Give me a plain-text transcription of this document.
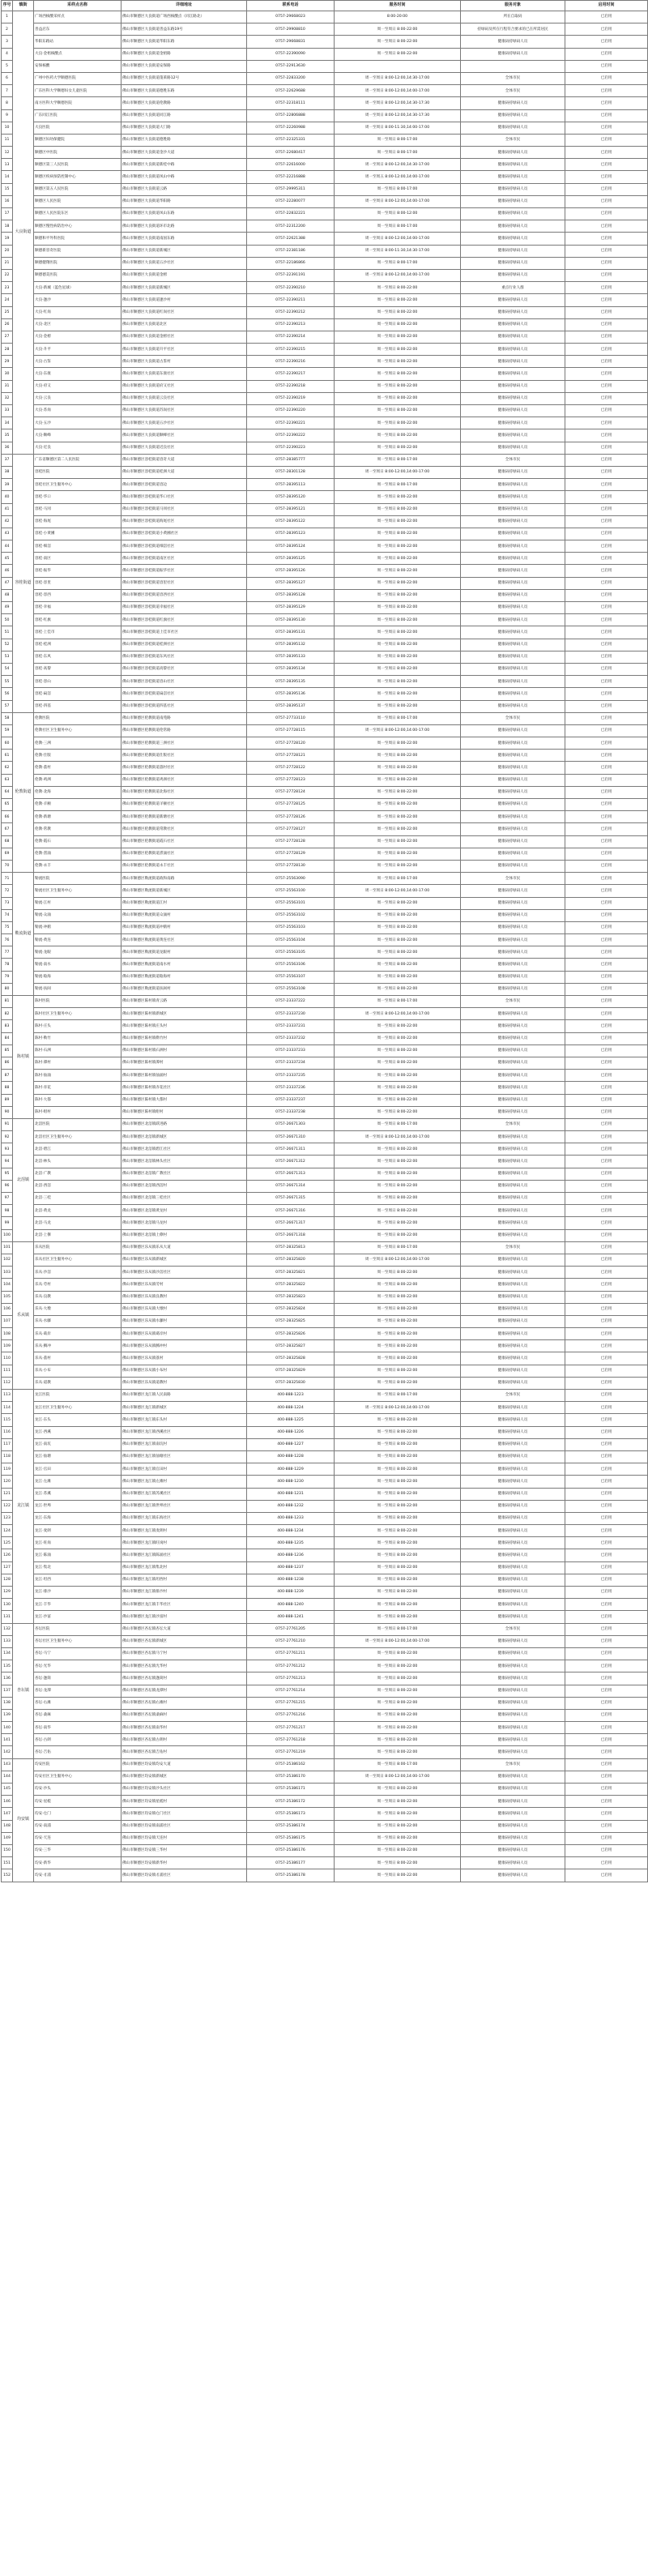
序号	镇街	采样点名称	详细地址	联系电话	服务时间	服务对象	启用时间
1	大良街道	广场西核酸采样点	佛山市顺德区大良街道广场西核酸点（同江路北）	0757-29668023	8:00-20:00	所在自取码	已启用
2		善益店东	佛山市顺德区大良街道善益东路19号	0757-29908810	周一至周日 8:00-22:00	持绿码及所在行程符合要求的已在所需居民	已启用
3		华阳东路站	佛山市顺德区大良街道华阳东路	0757-29668831	周一至周日 8:00-22:00	健康码持绿码人员	已启用
4		大良·金梧核酸点	佛山市顺德区大良街道金梧路	0757-22390090	周一至周日 8:00-22:00	健康码持绿码人员	已启用
5		安保核酸	佛山市顺德区大良街道安保路	0757-22913630			已启用
6		广州中医药大学顺德医院	佛山市顺德区大良街道蓬莱路12号	0757-22833200	周一至周日 8:00-12:00,14:30-17:00	全体市民	已启用
7		广东医科大学顺德妇女儿童医院	佛山市顺德区大良街道德胜东路	0757-22629688	周一至周日 8:00-12:00,14:00-17:00	全体市民	已启用
8		南方医科大学顺德医院	佛山市顺德区大良街道伦教路	0757-22318111	周一至周日 8:00-12:00,14:30-17:30	健康码持绿码人员	已启用
9		广东同江医院	佛山市顺德区大良街道同江路	0757-22806888	周一至周日 8:00-12:00,14:30-17:30	健康码持绿码人员	已启用
10		大良医院	佛山市顺德区大良街道大门路	0757-22260988	周一至周日 8:00-11:30,14:00-17:00	健康码持绿码人员	已启用
11		顺德区妇幼保健院	佛山市顺德区大良街道德胜路	0757-22325331	周一至周日 8:00-17:00	全体市民	已启用
12		顺德区中医院	佛山市顺德区大良街道金沙大道	0757-22680417	周一至周日 8:00-17:00	健康码持绿码人员	已启用
13		顺德区第三人民医院	佛山市顺德区大良街道新桂中路	0757-22616000	周一至周日 8:00-12:00,14:30-17:00	健康码持绿码人员	已启用
14		顺德区疾病预防控制中心	佛山市顺德区大良街道凤山中路	0757-22216888	周一至周五 8:00-12:00,14:00-17:00	健康码持绿码人员	已启用
15		顺德区第五人民医院	佛山市顺德区大良街道云路	0757-29995311	周一至周日 8:00-17:00	健康码持绿码人员	已启用
16		顺德区人民医院	佛山市顺德区大良街道华阳路	0757-22280077	周一至周日 8:00-12:00,14:00-17:00	健康码持绿码人员	已启用
17		顺德区人民医院东区	佛山市顺德区大良街道凤山东路	0757-22832221	周一至周日 8:00-12:00	健康码持绿码人员	已启用
18		顺德区慢性病防治中心	佛山市顺德区大良街道环市北路	0757-22312200	周一至周日 8:00-17:00	健康码持绿码人员	已启用
19		顺德和平外科医院	佛山市顺德区大良街道南国东路	0757-22621388	周一至周日 8:00-12:00,14:00-17:00	健康码持绿码人员	已启用
20		顺德新容奇医院	佛山市顺德区大良街道新城区	0757-22381186	周一至周日 8:00-11:30,14:30-17:00	健康码持绿码人员	已启用
21		顺德健翔医院	佛山市顺德区大良街道五沙社区	0757-22186866	周一至周日 8:00-17:00	健康码持绿码人员	已启用
22		顺德德美医院	佛山市顺德区大良街道金榜	0757-22391191	周一至周日 8:00-12:00,14:00-17:00	健康码持绿码人员	已启用
23		大良·新城（蓝色星球）	佛山市顺德区大良街道新城区	0757-22390210	周一至周日 8:00-22:00	重点行业人群	已启用
24		大良·逢沙	佛山市顺德区大良街道逢沙村	0757-22390211	周一至周日 8:00-22:00	健康码持绿码人员	已启用
25		大良·红岗	佛山市顺德区大良街道红岗社区	0757-22390212	周一至周日 8:00-22:00	健康码持绿码人员	已启用
26		大良·北区	佛山市顺德区大良街道北区	0757-22390213	周一至周日 8:00-22:00	健康码持绿码人员	已启用
27		大良·金榜	佛山市顺德区大良街道金榜社区	0757-22390214	周一至周日 8:00-22:00	健康码持绿码人员	已启用
28		大良·升平	佛山市顺德区大良街道升平社区	0757-22390215	周一至周日 8:00-22:00	健康码持绿码人员	已启用
29		大良·古鉴	佛山市顺德区大良街道古鉴村	0757-22390216	周一至周日 8:00-22:00	健康码持绿码人员	已启用
30		大良·东康	佛山市顺德区大良街道东康社区	0757-22390217	周一至周日 8:00-22:00	健康码持绿码人员	已启用
31		大良·府又	佛山市顺德区大良街道府又社区	0757-22390218	周一至周日 8:00-22:00	健康码持绿码人员	已启用
32		大良·云良	佛山市顺德区大良街道云良社区	0757-22390219	周一至周日 8:00-22:00	健康码持绿码人员	已启用
33		大良·苏岗	佛山市顺德区大良街道苏岗社区	0757-22390220	周一至周日 8:00-22:00	健康码持绿码人员	已启用
34		大良·五沙	佛山市顺德区大良街道五沙社区	0757-22390221	周一至周日 8:00-22:00	健康码持绿码人员	已启用
35		大良·顺峰	佛山市顺德区大良街道顺峰社区	0757-22390222	周一至周日 8:00-22:00	健康码持绿码人员	已启用
36		大良·近良	佛山市顺德区大良街道近良社区	0757-22390223	周一至周日 8:00-22:00	健康码持绿码人员	已启用
37	容桂街道	广东省顺德区第二人民医院	佛山市顺德区容桂街道容奇大道	0757-28385777	周一至周日 8:00-17:00	全体市民	已启用
38		容桂医院	佛山市顺德区容桂街道桂洲大道	0757-28301128	周一至周日 8:00-12:00,14:00-17:00	健康码持绿码人员	已启用
39		容桂社区卫生服务中心	佛山市顺德区容桂街道容边	0757-28395113	周一至周日 8:00-17:00	健康码持绿码人员	已启用
40		容桂·华口	佛山市顺德区容桂街道华口社区	0757-28395120	周一至周日 8:00-22:00	健康码持绿码人员	已启用
41		容桂·马冈	佛山市顺德区容桂街道马冈社区	0757-28395121	周一至周日 8:00-22:00	健康码持绿码人员	已启用
42		容桂·海尾	佛山市顺德区容桂街道海尾社区	0757-28395122	周一至周日 8:00-22:00	健康码持绿码人员	已启用
43		容桂·小黄圃	佛山市顺德区容桂街道小黄圃社区	0757-28395123	周一至周日 8:00-22:00	健康码持绿码人员	已启用
44		容桂·细滘	佛山市顺德区容桂街道细滘社区	0757-28395124	周一至周日 8:00-22:00	健康码持绿码人员	已启用
45		容桂·南区	佛山市顺德区容桂街道南区社区	0757-28395125	周一至周日 8:00-22:00	健康码持绿码人员	已启用
46		容桂·振华	佛山市顺德区容桂街道振华社区	0757-28395126	周一至周日 8:00-22:00	健康码持绿码人员	已启用
47		容桂·容里	佛山市顺德区容桂街道容里社区	0757-28395127	周一至周日 8:00-22:00	健康码持绿码人员	已启用
48		容桂·容西	佛山市顺德区容桂街道容西社区	0757-28395128	周一至周日 8:00-22:00	健康码持绿码人员	已启用
49		容桂·幸福	佛山市顺德区容桂街道幸福社区	0757-28395129	周一至周日 8:00-22:00	健康码持绿码人员	已启用
50		容桂·红旗	佛山市顺德区容桂街道红旗社区	0757-28395130	周一至周日 8:00-22:00	健康码持绿码人员	已启用
51		容桂·上佳市	佛山市顺德区容桂街道上佳市社区	0757-28395131	周一至周日 8:00-22:00	健康码持绿码人员	已启用
52		容桂·桂洲	佛山市顺德区容桂街道桂洲社区	0757-28395132	周一至周日 8:00-22:00	健康码持绿码人员	已启用
53		容桂·东风	佛山市顺德区容桂街道东风社区	0757-28395133	周一至周日 8:00-22:00	健康码持绿码人员	已启用
54		容桂·高黎	佛山市顺德区容桂街道高黎社区	0757-28395134	周一至周日 8:00-22:00	健康码持绿码人员	已启用
55		容桂·容山	佛山市顺德区容桂街道容山社区	0757-28395135	周一至周日 8:00-22:00	健康码持绿码人员	已启用
56		容桂·扁滘	佛山市顺德区容桂街道扁滘社区	0757-28395136	周一至周日 8:00-22:00	健康码持绿码人员	已启用
57		容桂·四基	佛山市顺德区容桂街道四基社区	0757-28395137	周一至周日 8:00-22:00	健康码持绿码人员	已启用
58	伦教街道	伦教医院	佛山市顺德区伦教街道南苑路	0757-27733110	周一至周日 8:00-17:00	全体市民	已启用
59		伦教社区卫生服务中心	佛山市顺德区伦教街道伦常路	0757-27728115	周一至周日 8:00-12:00,14:00-17:00	健康码持绿码人员	已启用
60		伦教·三洲	佛山市顺德区伦教街道三洲社区	0757-27728120	周一至周日 8:00-22:00	健康码持绿码人员	已启用
61		伦教·仕版	佛山市顺德区伦教街道仕版社区	0757-27728121	周一至周日 8:00-22:00	健康码持绿码人员	已启用
62		伦教·荔村	佛山市顺德区伦教街道荔村社区	0757-27728122	周一至周日 8:00-22:00	健康码持绿码人员	已启用
63		伦教·鸡洲	佛山市顺德区伦教街道鸡洲社区	0757-27728123	周一至周日 8:00-22:00	健康码持绿码人员	已启用
64		伦教·北海	佛山市顺德区伦教街道北海社区	0757-27728124	周一至周日 8:00-22:00	健康码持绿码人员	已启用
65		伦教·羊额	佛山市顺德区伦教街道羊额社区	0757-27728125	周一至周日 8:00-22:00	健康码持绿码人员	已启用
66		伦教·新塘	佛山市顺德区伦教街道新塘社区	0757-27728126	周一至周日 8:00-22:00	健康码持绿码人员	已启用
67		伦教·常教	佛山市顺德区伦教街道常教社区	0757-27728127	周一至周日 8:00-22:00	健康码持绿码人员	已启用
68		伦教·霞石	佛山市顺德区伦教街道霞石社区	0757-27728128	周一至周日 8:00-22:00	健康码持绿码人员	已启用
69		伦教·熹涌	佛山市顺德区伦教街道熹涌社区	0757-27728129	周一至周日 8:00-22:00	健康码持绿码人员	已启用
70		伦教·永丰	佛山市顺德区伦教街道永丰社区	0757-27728130	周一至周日 8:00-22:00	健康码持绿码人员	已启用
71	勒流街道	勒流医院	佛山市顺德区勒流街道政和南路	0757-25563090	周一至周日 8:00-17:00	全体市民	已启用
72		勒流社区卫生服务中心	佛山市顺德区勒流街道新城区	0757-25563100	周一至周日 8:00-12:00,14:00-17:00	健康码持绿码人员	已启用
73		勒流·江村	佛山市顺德区勒流街道江村	0757-25563101	周一至周日 8:00-22:00	健康码持绿码人员	已启用
74		勒流·众涌	佛山市顺德区勒流街道众涌村	0757-25563102	周一至周日 8:00-22:00	健康码持绿码人员	已启用
75		勒流·冲鹤	佛山市顺德区勒流街道冲鹤村	0757-25563103	周一至周日 8:00-22:00	健康码持绿码人员	已启用
76		勒流·黄连	佛山市顺德区勒流街道黄连社区	0757-25563104	周一至周日 8:00-22:00	健康码持绿码人员	已启用
77		勒流·龙眼	佛山市顺德区勒流街道龙眼村	0757-25563105	周一至周日 8:00-22:00	健康码持绿码人员	已启用
78		勒流·南水	佛山市顺德区勒流街道南水村	0757-25563106	周一至周日 8:00-22:00	健康码持绿码人员	已启用
79		勒流·稔海	佛山市顺德区勒流街道稔海村	0757-25563107	周一至周日 8:00-22:00	健康码持绿码人员	已启用
80		勒流·扶闾	佛山市顺德区勒流街道扶闾村	0757-25563108	周一至周日 8:00-22:00	健康码持绿码人员	已启用
81	陈村镇	陈村医院	佛山市顺德区陈村镇青云路	0757-23337222	周一至周日 8:00-17:00	全体市民	已启用
82		陈村社区卫生服务中心	佛山市顺德区陈村镇新城区	0757-23337230	周一至周日 8:00-12:00,14:00-17:00	健康码持绿码人员	已启用
83		陈村·庄头	佛山市顺德区陈村镇庄头村	0757-23337231	周一至周日 8:00-22:00	健康码持绿码人员	已启用
84		陈村·勒竹	佛山市顺德区陈村镇勒竹村	0757-23337232	周一至周日 8:00-22:00	健康码持绿码人员	已启用
85		陈村·石洲	佛山市顺德区陈村镇石洲村	0757-23337233	周一至周日 8:00-22:00	健康码持绿码人员	已启用
86		陈村·潭村	佛山市顺德区陈村镇潭村	0757-23337234	周一至周日 8:00-22:00	健康码持绿码人员	已启用
87		陈村·仙涌	佛山市顺德区陈村镇仙涌村	0757-23337235	周一至周日 8:00-22:00	健康码持绿码人员	已启用
88		陈村·赤花	佛山市顺德区陈村镇赤花社区	0757-23337236	周一至周日 8:00-22:00	健康码持绿码人员	已启用
89		陈村·大都	佛山市顺德区陈村镇大都村	0757-23337237	周一至周日 8:00-22:00	健康码持绿码人员	已启用
90		陈村·绀村	佛山市顺德区陈村镇绀村	0757-23337238	周一至周日 8:00-22:00	健康码持绿码人员	已启用
91	北滘镇	北滘医院	佛山市顺德区北滘镇跃进路	0757-26671303	周一至周日 8:00-17:00	全体市民	已启用
92		北滘社区卫生服务中心	佛山市顺德区北滘镇新城区	0757-26671310	周一至周日 8:00-12:00,14:00-17:00	健康码持绿码人员	已启用
93		北滘·碧江	佛山市顺德区北滘镇碧江社区	0757-26671311	周一至周日 8:00-22:00	健康码持绿码人员	已启用
94		北滘·林头	佛山市顺德区北滘镇林头社区	0757-26671312	周一至周日 8:00-22:00	健康码持绿码人员	已启用
95		北滘·广教	佛山市顺德区北滘镇广教社区	0757-26671313	周一至周日 8:00-22:00	健康码持绿码人员	已启用
96		北滘·西滘	佛山市顺德区北滘镇西滘村	0757-26671314	周一至周日 8:00-22:00	健康码持绿码人员	已启用
97		北滘·三桂	佛山市顺德区北滘镇三桂社区	0757-26671315	周一至周日 8:00-22:00	健康码持绿码人员	已启用
98		北滘·黄龙	佛山市顺德区北滘镇黄龙村	0757-26671316	周一至周日 8:00-22:00	健康码持绿码人员	已启用
99		北滘·马龙	佛山市顺德区北滘镇马龙村	0757-26671317	周一至周日 8:00-22:00	健康码持绿码人员	已启用
100		北滘·上僚	佛山市顺德区北滘镇上僚村	0757-26671318	周一至周日 8:00-22:00	健康码持绿码人员	已启用
101	乐从镇	乐从医院	佛山市顺德区乐从镇乐从大道	0757-28325813	周一至周日 8:00-17:00	全体市民	已启用
102		乐从社区卫生服务中心	佛山市顺德区乐从镇新城区	0757-28325820	周一至周日 8:00-12:00,14:00-17:00	健康码持绿码人员	已启用
103		乐从·沙滘	佛山市顺德区乐从镇沙滘社区	0757-28325821	周一至周日 8:00-22:00	健康码持绿码人员	已启用
104		乐从·劳村	佛山市顺德区乐从镇劳村	0757-28325822	周一至周日 8:00-22:00	健康码持绿码人员	已启用
105		乐从·良教	佛山市顺德区乐从镇良教村	0757-28325823	周一至周日 8:00-22:00	健康码持绿码人员	已启用
106		乐从·大墩	佛山市顺德区乐从镇大墩村	0757-28325824	周一至周日 8:00-22:00	健康码持绿码人员	已启用
107		乐从·水藤	佛山市顺德区乐从镇水藤村	0757-28325825	周一至周日 8:00-22:00	健康码持绿码人员	已启用
108		乐从·葛岸	佛山市顺德区乐从镇葛岸村	0757-28325826	周一至周日 8:00-22:00	健康码持绿码人员	已启用
109		乐从·腾冲	佛山市顺德区乐从镇腾冲村	0757-28325827	周一至周日 8:00-22:00	健康码持绿码人员	已启用
110		乐从·荔村	佛山市顺德区乐从镇荔村	0757-28325828	周一至周日 8:00-22:00	健康码持绿码人员	已启用
111		乐从·小布	佛山市顺德区乐从镇小布村	0757-28325829	周一至周日 8:00-22:00	健康码持绿码人员	已启用
112		乐从·道教	佛山市顺德区乐从镇道教村	0757-28325830	周一至周日 8:00-22:00	健康码持绿码人员	已启用
113	龙江镇	龙江医院	佛山市顺德区龙江镇人民南路	400-888-1223	周一至周日 8:00-17:00	全体市民	已启用
114		龙江社区卫生服务中心	佛山市顺德区龙江镇新城区	400-888-1224	周一至周日 8:00-12:00,14:00-17:00	健康码持绿码人员	已启用
115		龙江·东头	佛山市顺德区龙江镇东头村	400-888-1225	周一至周日 8:00-22:00	健康码持绿码人员	已启用
116		龙江·西溪	佛山市顺德区龙江镇西溪社区	400-888-1226	周一至周日 8:00-22:00	健康码持绿码人员	已启用
117		龙江·南坑	佛山市顺德区龙江镇南坑村	400-888-1227	周一至周日 8:00-22:00	健康码持绿码人员	已启用
118		龙江·仙塘	佛山市顺德区龙江镇仙塘社区	400-888-1228	周一至周日 8:00-22:00	健康码持绿码人员	已启用
119		龙江·官田	佛山市顺德区龙江镇官田村	400-888-1229	周一至周日 8:00-22:00	健康码持绿码人员	已启用
120		龙江·左滩	佛山市顺德区龙江镇左滩村	400-888-1230	周一至周日 8:00-22:00	健康码持绿码人员	已启用
121		龙江·苏溪	佛山市顺德区龙江镇苏溪社区	400-888-1231	周一至周日 8:00-22:00	健康码持绿码人员	已启用
122		龙江·世埠	佛山市顺德区龙江镇世埠社区	400-888-1232	周一至周日 8:00-22:00	健康码持绿码人员	已启用
123		龙江·东海	佛山市顺德区龙江镇东海社区	400-888-1233	周一至周日 8:00-22:00	健康码持绿码人员	已启用
124		龙江·麦朗	佛山市顺德区龙江镇麦朗村	400-888-1234	周一至周日 8:00-22:00	健康码持绿码人员	已启用
125		龙江·旺岗	佛山市顺德区龙江镇旺岗村	400-888-1235	周一至周日 8:00-22:00	健康码持绿码人员	已启用
126		龙江·陈涌	佛山市顺德区龙江镇陈涌社区	400-888-1236	周一至周日 8:00-22:00	健康码持绿码人员	已启用
127		龙江·集北	佛山市顺德区龙江镇集北村	400-888-1237	周一至周日 8:00-22:00	健康码持绿码人员	已启用
128		龙江·坦西	佛山市顺德区龙江镇坦西村	400-888-1238	周一至周日 8:00-22:00	健康码持绿码人员	已启用
129		龙江·排沙	佛山市顺德区龙江镇排沙村	400-888-1239	周一至周日 8:00-22:00	健康码持绿码人员	已启用
130		龙江·丰华	佛山市顺德区龙江镇丰华社区	400-888-1240	周一至周日 8:00-22:00	健康码持绿码人员	已启用
131		龙江·沙富	佛山市顺德区龙江镇沙富村	400-888-1241	周一至周日 8:00-22:00	健康码持绿码人员	已启用
132	杏坛镇	杏坛医院	佛山市顺德区杏坛镇杏坛大道	0757-27761205	周一至周日 8:00-17:00	全体市民	已启用
133		杏坛社区卫生服务中心	佛山市顺德区杏坛镇新城区	0757-27761210	周一至周日 8:00-12:00,14:00-17:00	健康码持绿码人员	已启用
134		杏坛·马宁	佛山市顺德区杏坛镇马宁村	0757-27761211	周一至周日 8:00-22:00	健康码持绿码人员	已启用
135		杏坛·光华	佛山市顺德区杏坛镇光华村	0757-27761212	周一至周日 8:00-22:00	健康码持绿码人员	已启用
136		杏坛·逢简	佛山市顺德区杏坛镇逢简村	0757-27761213	周一至周日 8:00-22:00	健康码持绿码人员	已启用
137		杏坛·龙潭	佛山市顺德区杏坛镇龙潭村	0757-27761214	周一至周日 8:00-22:00	健康码持绿码人员	已启用
138		杏坛·右滩	佛山市顺德区杏坛镇右滩村	0757-27761215	周一至周日 8:00-22:00	健康码持绿码人员	已启用
139		杏坛·桑麻	佛山市顺德区杏坛镇桑麻村	0757-27761216	周一至周日 8:00-22:00	健康码持绿码人员	已启用
140		杏坛·南华	佛山市顺德区杏坛镇南华村	0757-27761217	周一至周日 8:00-22:00	健康码持绿码人员	已启用
141		杏坛·古朗	佛山市顺德区杏坛镇古朗村	0757-27761218	周一至周日 8:00-22:00	健康码持绿码人员	已启用
142		杏坛·吉佑	佛山市顺德区杏坛镇吉佑村	0757-27761219	周一至周日 8:00-22:00	健康码持绿码人员	已启用
143	均安镇	均安医院	佛山市顺德区均安镇均安大道	0757-25386162	周一至周日 8:00-17:00	全体市民	已启用
144		均安社区卫生服务中心	佛山市顺德区均安镇新城区	0757-25386170	周一至周日 8:00-12:00,14:00-17:00	健康码持绿码人员	已启用
145		均安·沙头	佛山市顺德区均安镇沙头社区	0757-25386171	周一至周日 8:00-22:00	健康码持绿码人员	已启用
146		均安·星槎	佛山市顺德区均安镇星槎村	0757-25386172	周一至周日 8:00-22:00	健康码持绿码人员	已启用
147		均安·仓门	佛山市顺德区均安镇仓门社区	0757-25386173	周一至周日 8:00-22:00	健康码持绿码人员	已启用
148		均安·南浦	佛山市顺德区均安镇南浦社区	0757-25386174	周一至周日 8:00-22:00	健康码持绿码人员	已启用
149		均安·天连	佛山市顺德区均安镇天连村	0757-25386175	周一至周日 8:00-22:00	健康码持绿码人员	已启用
150		均安·三华	佛山市顺德区均安镇三华村	0757-25386176	周一至周日 8:00-22:00	健康码持绿码人员	已启用
151		均安·新华	佛山市顺德区均安镇新华村	0757-25386177	周一至周日 8:00-22:00	健康码持绿码人员	已启用
152		均安·豸浦	佛山市顺德区均安镇豸浦社区	0757-25386178	周一至周日 8:00-22:00	健康码持绿码人员	已启用
